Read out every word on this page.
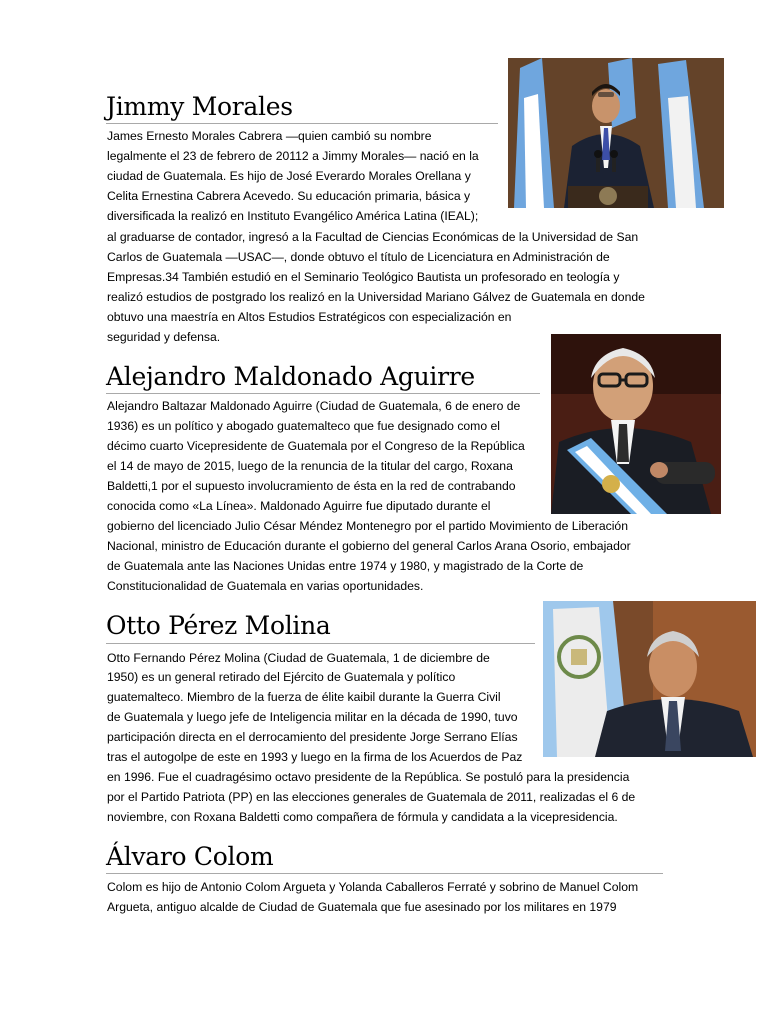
Jimmy Morales
James Ernesto Morales Cabrera —quien cambió su nombre
legalmente el 23 de febrero de 20112 a Jimmy Morales— nació en la
ciudad de Guatemala. Es hijo de José Everardo Morales Orellana y
Celita Ernestina Cabrera Acevedo. Su educación primaria, básica y
diversificada la realizó en Instituto Evangélico América Latina (IEAL);
al graduarse de contador, ingresó a la Facultad de Ciencias Económicas de la Universidad de San
Carlos de Guatemala —USAC—, donde obtuvo el título de Licenciatura en Administración de
Empresas.34 También estudió en el Seminario Teológico Bautista un profesorado en teología y
realizó estudios de postgrado los realizó en la Universidad Mariano Gálvez de Guatemala en donde
obtuvo una maestría en Altos Estudios Estratégicos con especialización en
seguridad y defensa.
Alejandro Maldonado Aguirre
Alejandro Baltazar Maldonado Aguirre (Ciudad de Guatemala, 6 de enero de
1936) es un político y abogado guatemalteco que fue designado como el
décimo cuarto Vicepresidente de Guatemala por el Congreso de la República
el 14 de mayo de 2015, luego de la renuncia de la titular del cargo, Roxana
Baldetti,1 por el supuesto involucramiento de ésta en la red de contrabando
conocida como «La Línea». Maldonado Aguirre fue diputado durante el
gobierno del licenciado Julio César Méndez Montenegro por el partido Movimiento de Liberación
Nacional, ministro de Educación durante el gobierno del general Carlos Arana Osorio, embajador
de Guatemala ante las Naciones Unidas entre 1974 y 1980, y magistrado de la Corte de
Constitucionalidad de Guatemala en varias oportunidades.
Otto Pérez Molina
Otto Fernando Pérez Molina (Ciudad de Guatemala, 1 de diciembre de
1950) es un general retirado del Ejército de Guatemala y político
guatemalteco. Miembro de la fuerza de élite kaibil durante la Guerra Civil
de Guatemala y luego jefe de Inteligencia militar en la década de 1990, tuvo
participación directa en el derrocamiento del presidente Jorge Serrano Elías
tras el autogolpe de este en 1993 y luego en la firma de los Acuerdos de Paz
en 1996. Fue el cuadragésimo octavo presidente de la República. Se postuló para la presidencia
por el Partido Patriota (PP) en las elecciones generales de Guatemala de 2011, realizadas el 6 de
noviembre, con Roxana Baldetti como compañera de fórmula y candidata a la vicepresidencia.
Álvaro Colom
Colom es hijo de Antonio Colom Argueta y Yolanda Caballeros Ferraté y sobrino de Manuel Colom
Argueta, antiguo alcalde de Ciudad de Guatemala que fue asesinado por los militares en 1979
